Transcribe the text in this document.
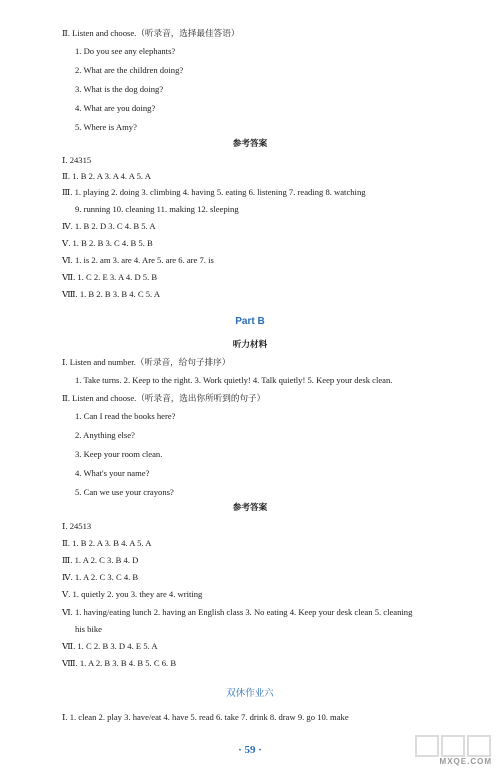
Ⅱ. Listen and choose.（听录音，选择最佳答语）
1. Do you see any elephants?
2. What are the children doing?
3. What is the dog doing?
4. What are you doing?
5. Where is Amy?
参考答案
Ⅰ. 24315
Ⅱ. 1. B 2. A 3. A 4. A 5. A
Ⅲ. 1. playing 2. doing 3. climbing 4. having 5. eating 6. listening 7. reading 8. watching
9. running 10. cleaning 11. making 12. sleeping
Ⅳ. 1. B 2. D 3. C 4. B 5. A
Ⅴ. 1. B 2. B 3. C 4. B 5. B
Ⅵ. 1. is 2. am 3. are 4. Are 5. are 6. are 7. is
Ⅶ. 1. C 2. E 3. A 4. D 5. B
Ⅷ. 1. B 2. B 3. B 4. C 5. A
Part B
听力材料
Ⅰ. Listen and number.（听录音，给句子排序）
1. Take turns. 2. Keep to the right. 3. Work quietly! 4. Talk quietly! 5. Keep your desk clean.
Ⅱ. Listen and choose.（听录音，选出你所听到的句子）
1. Can I read the books here?
2. Anything else?
3. Keep your room clean.
4. What's your name?
5. Can we use your crayons?
参考答案
Ⅰ. 24513
Ⅱ. 1. B 2. A 3. B 4. A 5. A
Ⅲ. 1. A 2. C 3. B 4. D
Ⅳ. 1. A 2. C 3. C 4. B
Ⅴ. 1. quietly 2. you 3. they are 4. writing
Ⅵ. 1. having/eating lunch 2. having an English class 3. No eating 4. Keep your desk clean 5. cleaning
his bike
Ⅶ. 1. C 2. B 3. D 4. E 5. A
Ⅷ. 1. A 2. B 3. B 4. B 5. C 6. B
双休作业六
Ⅰ. 1. clean 2. play 3. have/eat 4. have 5. read 6. take 7. drink 8. draw 9. go 10. make
· 59 ·
MXQE.COM
